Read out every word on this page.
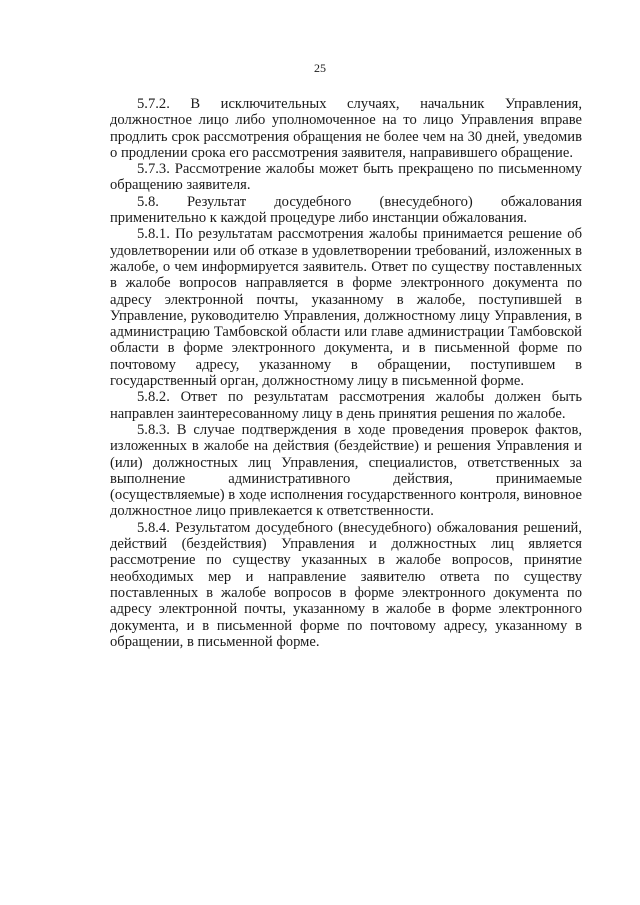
25

5.7.2. В исключительных случаях, начальник Управления, должностное лицо либо уполномоченное на то лицо Управления вправе продлить срок рассмотрения обращения не более чем на 30 дней, уведомив о продлении срока его рассмотрения заявителя, направившего обращение.

5.7.3. Рассмотрение жалобы может быть прекращено по письменному обращению заявителя.

5.8. Результат досудебного (внесудебного) обжалования применительно к каждой процедуре либо инстанции обжалования.

5.8.1. По результатам рассмотрения жалобы принимается решение об удовлетворении или об отказе в удовлетворении требований, изложенных в жалобе, о чем информируется заявитель. Ответ по существу поставленных в жалобе вопросов направляется в форме электронного документа по адресу электронной почты, указанному в жалобе, поступившей в Управление, руководителю Управления, должностному лицу Управления, в администрацию Тамбовской области или главе администрации Тамбовской области в форме электронного документа, и в письменной форме по почтовому адресу, указанному в обращении, поступившем в государственный орган, должностному лицу в письменной форме.

5.8.2. Ответ по результатам рассмотрения жалобы должен быть направлен заинтересованному лицу в день принятия решения по жалобе.

5.8.3. В случае подтверждения в ходе проведения проверок фактов, изложенных в жалобе на действия (бездействие) и решения Управления и (или) должностных лиц Управления, специалистов, ответственных за выполнение административного действия, принимаемые (осуществляемые) в ходе исполнения государственного контроля, виновное должностное лицо привлекается к ответственности.

5.8.4. Результатом досудебного (внесудебного) обжалования решений, действий (бездействия) Управления и должностных лиц является рассмотрение по существу указанных в жалобе вопросов, принятие необходимых мер и направление заявителю ответа по существу поставленных в жалобе вопросов в форме электронного документа по адресу электронной почты, указанному в жалобе в форме электронного документа, и в письменной форме по почтовому адресу, указанному в обращении, в письменной форме.
